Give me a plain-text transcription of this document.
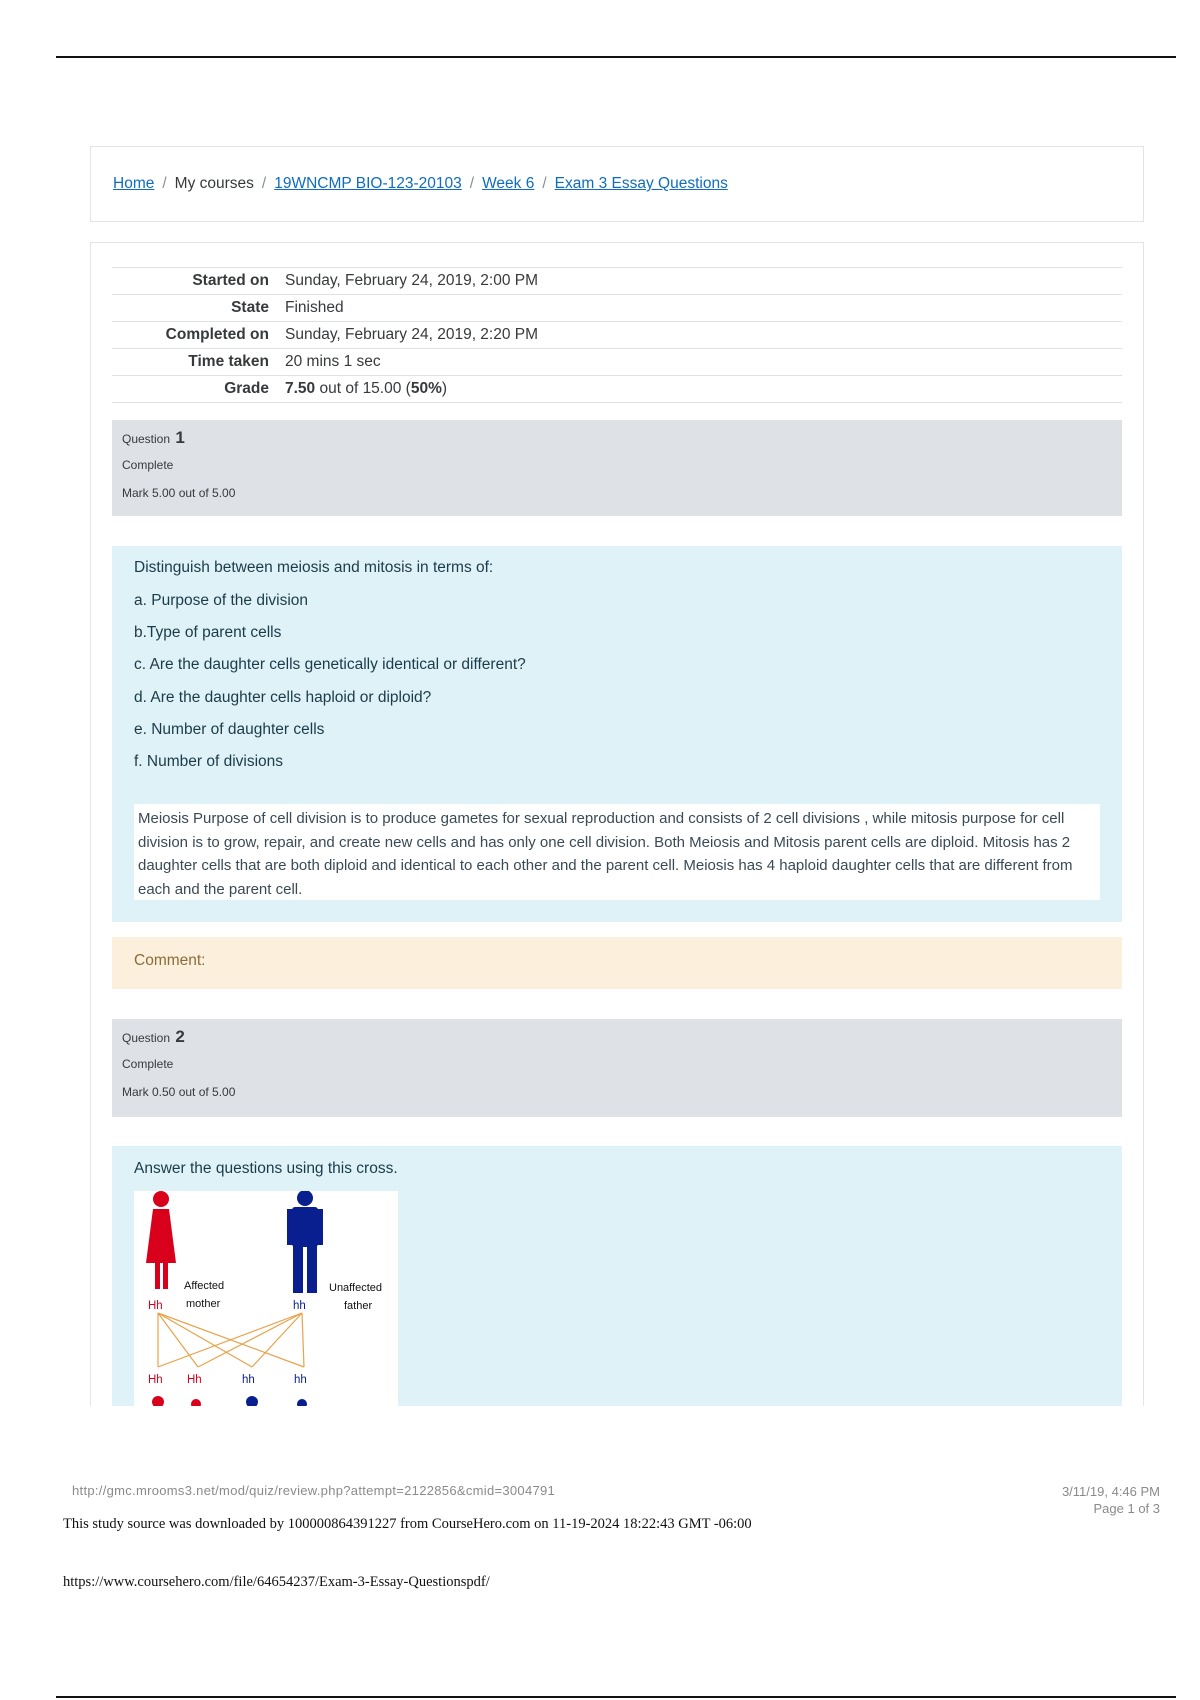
Home / My courses / 19WNCMP BIO-123-20103 / Week 6 / Exam 3 Essay Questions
Started on	Sunday, February 24, 2019, 2:00 PM
State	Finished
Completed on	Sunday, February 24, 2019, 2:20 PM
Time taken	20 mins 1 sec
Grade	7.50 out of 15.00 (50%)
Question 1
Complete
Mark 5.00 out of 5.00

Distinguish between meiosis and mitosis in terms of:

a. Purpose of the division

b.Type of parent cells

c. Are the daughter cells genetically identical or different?

d. Are the daughter cells haploid or diploid?

e. Number of daughter cells

f. Number of divisions

Meiosis Purpose of cell division is to produce gametes for sexual reproduction and consists of 2 cell divisions , while mitosis purpose for cell division is to grow, repair, and create new cells and has only one cell division. Both Meiosis and Mitosis parent cells are diploid. Mitosis has 2 daughter cells that are both diploid and identical to each other and the parent cell. Meiosis has 4 haploid daughter cells that are different from each and the parent cell.
Comment:
Question 2
Complete
Mark 0.50 out of 5.00

Answer the questions using this cross.

Affected
mother
Unaffected
father
Hh	hh
Hh Hh	hh	hh
http://gmc.mrooms3.net/mod/quiz/review.php?attempt=2122856&cmid=3004791	3/11/19, 4:46 PM
Page 1 of 3
This study source was downloaded by 100000864391227 from CourseHero.com on 11-19-2024 18:22:43 GMT -06:00
https://www.coursehero.com/file/64654237/Exam-3-Essay-Questionspdf/
